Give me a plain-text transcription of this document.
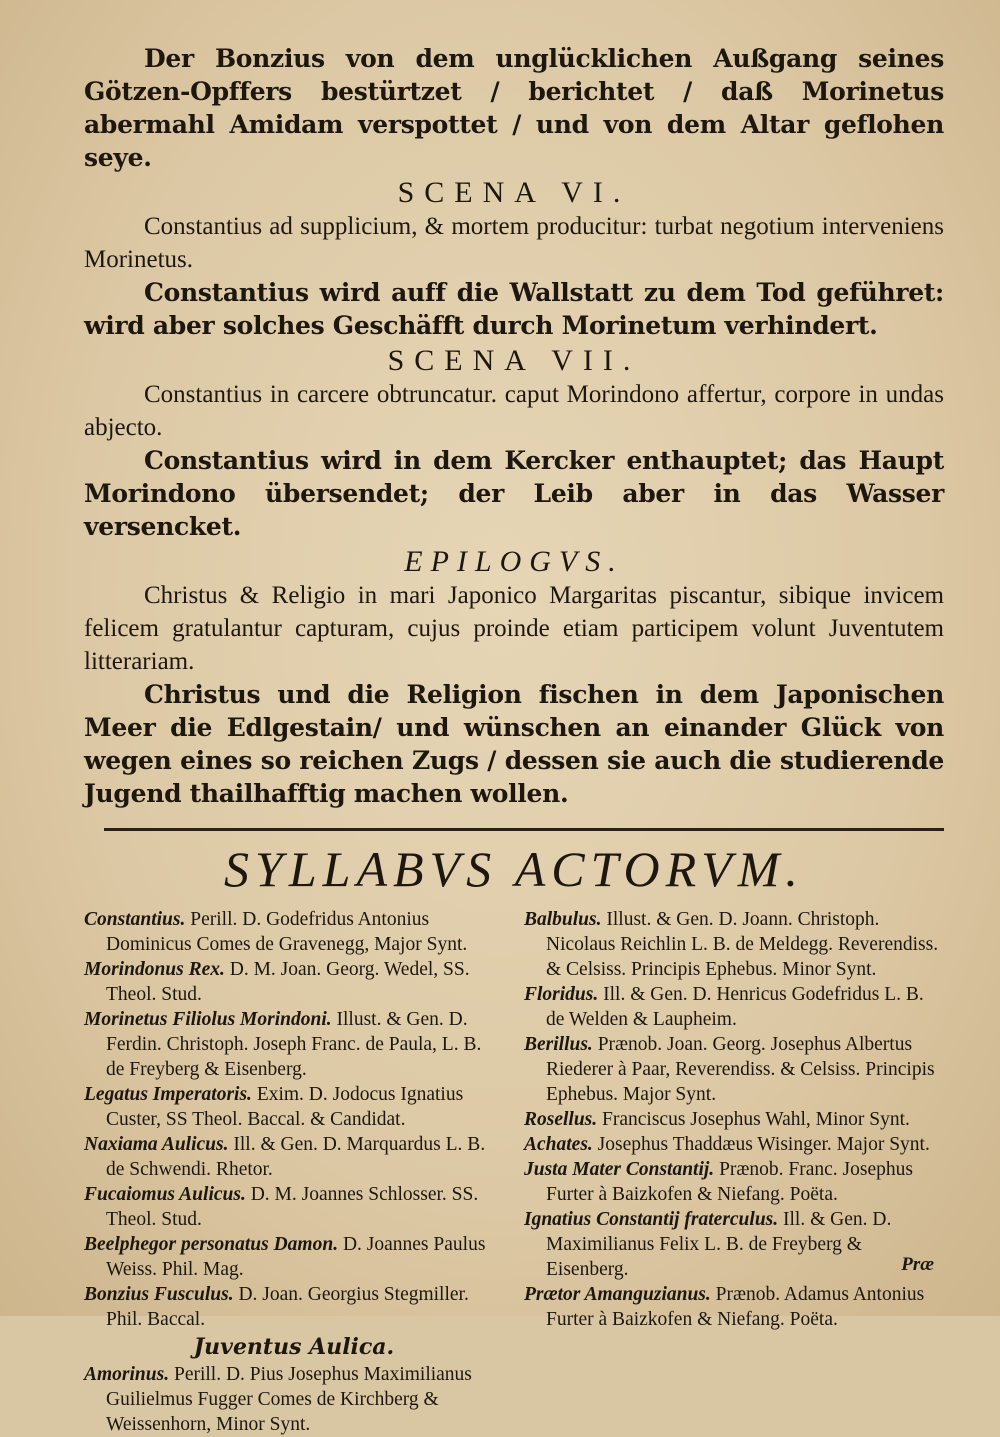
Der Bonzius von dem unglücklichen Außgang seines Götzen-Opffers bestürtzet / berichtet / daß Morinetus abermahl Amidam verspottet / und von dem Altar geflohen seye.

SCENA VI.

Constantius ad supplicium, & mortem producitur: turbat negotium interveniens Morinetus.

Constantius wird auff die Wallstatt zu dem Tod geführet: wird aber solches Geschäfft durch Morinetum verhindert.

SCENA VII.

Constantius in carcere obtruncatur. caput Morindono affertur, corpore in undas abjecto.

Constantius wird in dem Kercker enthauptet; das Haupt Morindono übersendet; der Leib aber in das Wasser versencket.

EPILOGVS.

Christus & Religio in mari Japonico Margaritas piscantur, sibique invicem felicem gratulantur capturam, cujus proinde etiam participem volunt Juventutem litterariam.

Christus und die Religion fischen in dem Japonischen Meer die Edlgestain/ und wünschen an einander Glück von wegen eines so reichen Zugs / dessen sie auch die studierende Jugend thailhafftig machen wollen.

SYLLABVS ACTORVM.

Constantius. Perill. D. Godefridus Antonius Dominicus Comes de Gravenegg, Major Synt.

Morindonus Rex. D. M. Joan. Georg. Wedel, SS. Theol. Stud.

Morinetus Filiolus Morindoni. Illust. & Gen. D. Ferdin. Christoph. Joseph Franc. de Paula, L. B. de Freyberg & Eisenberg.

Legatus Imperatoris. Exim. D. Jodocus Ignatius Custer, SS Theol. Baccal. & Candidat.

Naxiama Aulicus. Ill. & Gen. D. Marquardus L. B. de Schwendi. Rhetor.

Fucaiomus Aulicus. D. M. Joannes Schlosser. SS. Theol. Stud.

Beelphegor personatus Damon. D. Joannes Paulus Weiss. Phil. Mag.

Bonzius Fusculus. D. Joan. Georgius Stegmiller. Phil. Baccal.

Juventus Aulica.

Amorinus. Perill. D. Pius Josephus Maximilianus Guilielmus Fugger Comes de Kirchberg & Weissenhorn, Minor Synt.

Balbulus. Illust. & Gen. D. Joann. Christoph. Nicolaus Reichlin L. B. de Meldegg. Reverendiss. & Celsiss. Principis Ephebus. Minor Synt.

Floridus. Ill. & Gen. D. Henricus Godefridus L. B. de Welden & Laupheim.

Berillus. Prænob. Joan. Georg. Josephus Albertus Riederer à Paar, Reverendiss. & Celsiss. Principis Ephebus. Major Synt.

Rosellus. Franciscus Josephus Wahl, Minor Synt.

Achates. Josephus Thaddæus Wisinger. Major Synt.

Justa Mater Constantij. Prænob. Franc. Josephus Furter à Baizkofen & Niefang. Poëta.

Ignatius Constantij fraterculus. Ill. & Gen. D. Maximilianus Felix L. B. de Freyberg & Eisenberg.

Prætor Amanguzianus. Prænob. Adamus Antonius Furter à Baizkofen & Niefang. Poëta.

Præ
